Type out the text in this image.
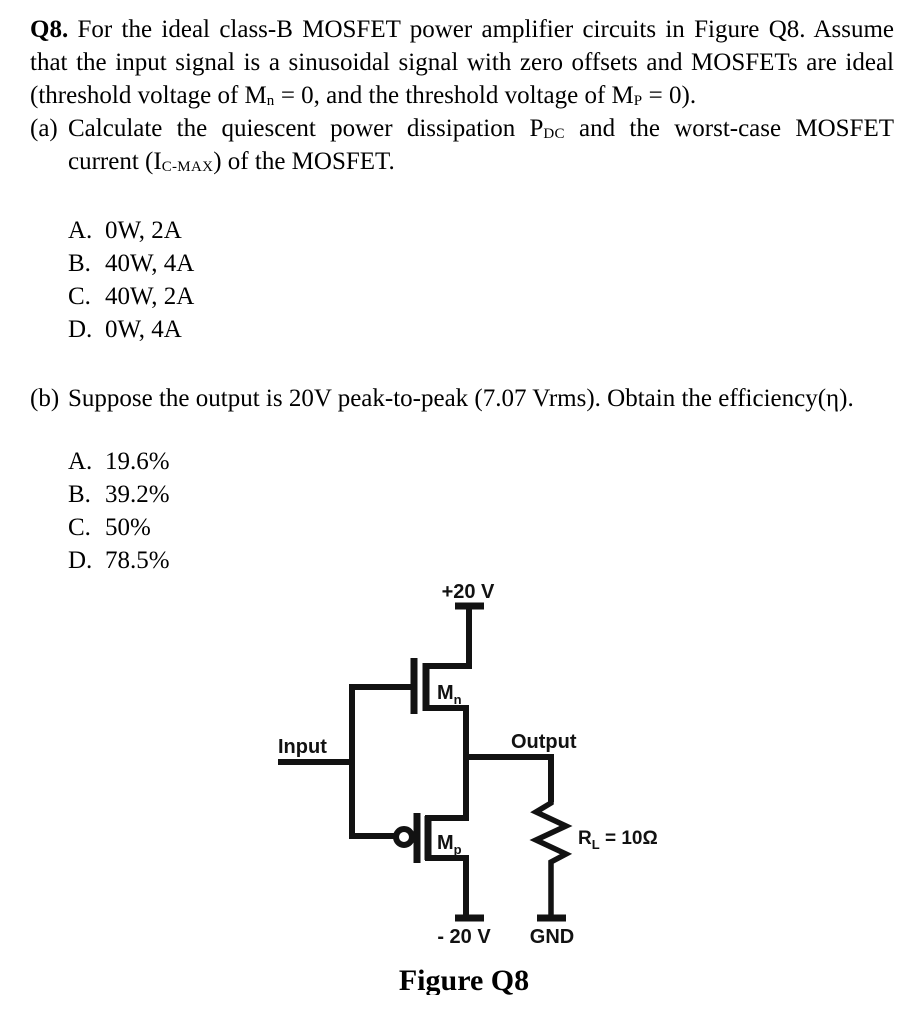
Q8. For the ideal class-B MOSFET power amplifier circuits in Figure Q8. Assume that the input signal is a sinusoidal signal with zero offsets and MOSFETs are ideal (threshold voltage of $M_n = 0$, and the threshold voltage of $M_P = 0$).

(a) Calculate the quiescent power dissipation $P_{DC}$ and the worst-case MOSFET current $(I_{C-MAX})$ of the MOSFET.

A. 0W, 2A
B. 40W, 4A
C. 40W, 2A
D. 0W, 4A

(b) Suppose the output is 20V peak-to-peak (7.07 Vrms). Obtain the efficiency(η).

A. 19.6%
B. 39.2%
C. 50%
D. 78.5%
+20 V
Input	Output
$M_n$
$M_p$
$R_L = 10\Omega$
- 20 V GND
Figure Q8
